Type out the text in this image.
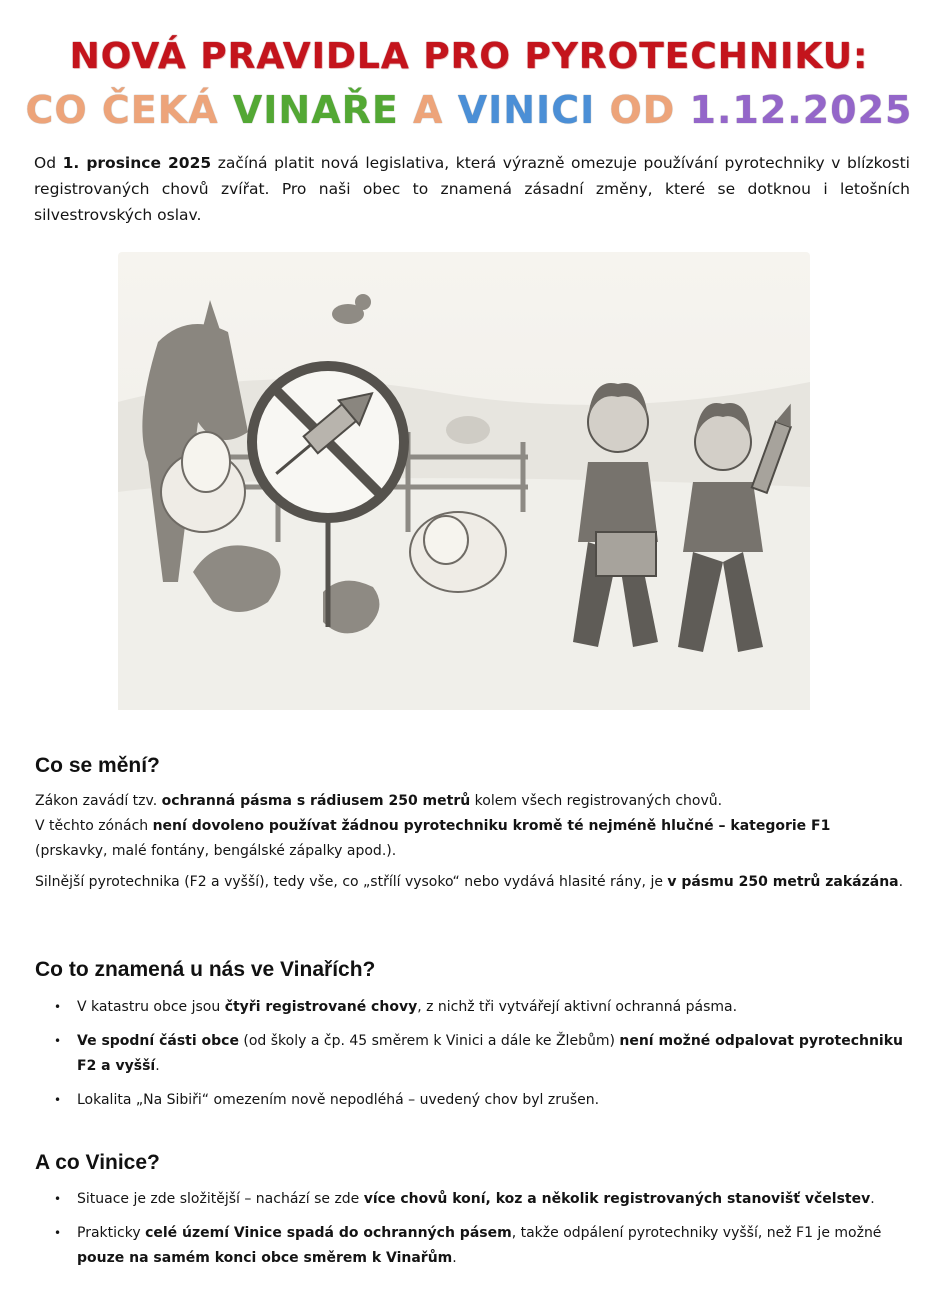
NOVÁ PRAVIDLA PRO PYROTECHNIKU:
CO ČEKÁ VINAŘE A VINICI OD 1.12.2025

Od 1. prosince 2025 začíná platit nová legislativa, která výrazně omezuje používání pyrotechniky v blízkosti registrovaných chovů zvířat. Pro naši obec to znamená zásadní změny, které se dotknou i letošních silvestrovských oslav.

Co se mění?

Zákon zavádí tzv. ochranná pásma s rádiusem 250 metrů kolem všech registrovaných chovů.
V těchto zónách není dovoleno používat žádnou pyrotechniku kromě té nejméně hlučné – kategorie F1 (prskavky, malé fontány, bengálské zápalky apod.).

Silnější pyrotechnika (F2 a vyšší), tedy vše, co „střílí vysoko“ nebo vydává hlasité rány, je v pásmu 250 metrů zakázána.

Co to znamená u nás ve Vinařích?
• V katastru obce jsou čtyři registrované chovy, z nichž tři vytvářejí aktivní ochranná pásma.
• Ve spodní části obce (od školy a čp. 45 směrem k Vinici a dále ke Žlebům) není možné odpalovat pyrotechniku F2 a vyšší.
• Lokalita „Na Sibiři“ omezením nově nepodléhá – uvedený chov byl zrušen.
A co Vinice?
• Situace je zde složitější – nachází se zde více chovů koní, koz a několik registrovaných stanovišť včelstev.
• Prakticky celé území Vinice spadá do ochranných pásem, takže odpálení pyrotechniky vyšší, než F1 je možné pouze na samém konci obce směrem k Vinařům.
